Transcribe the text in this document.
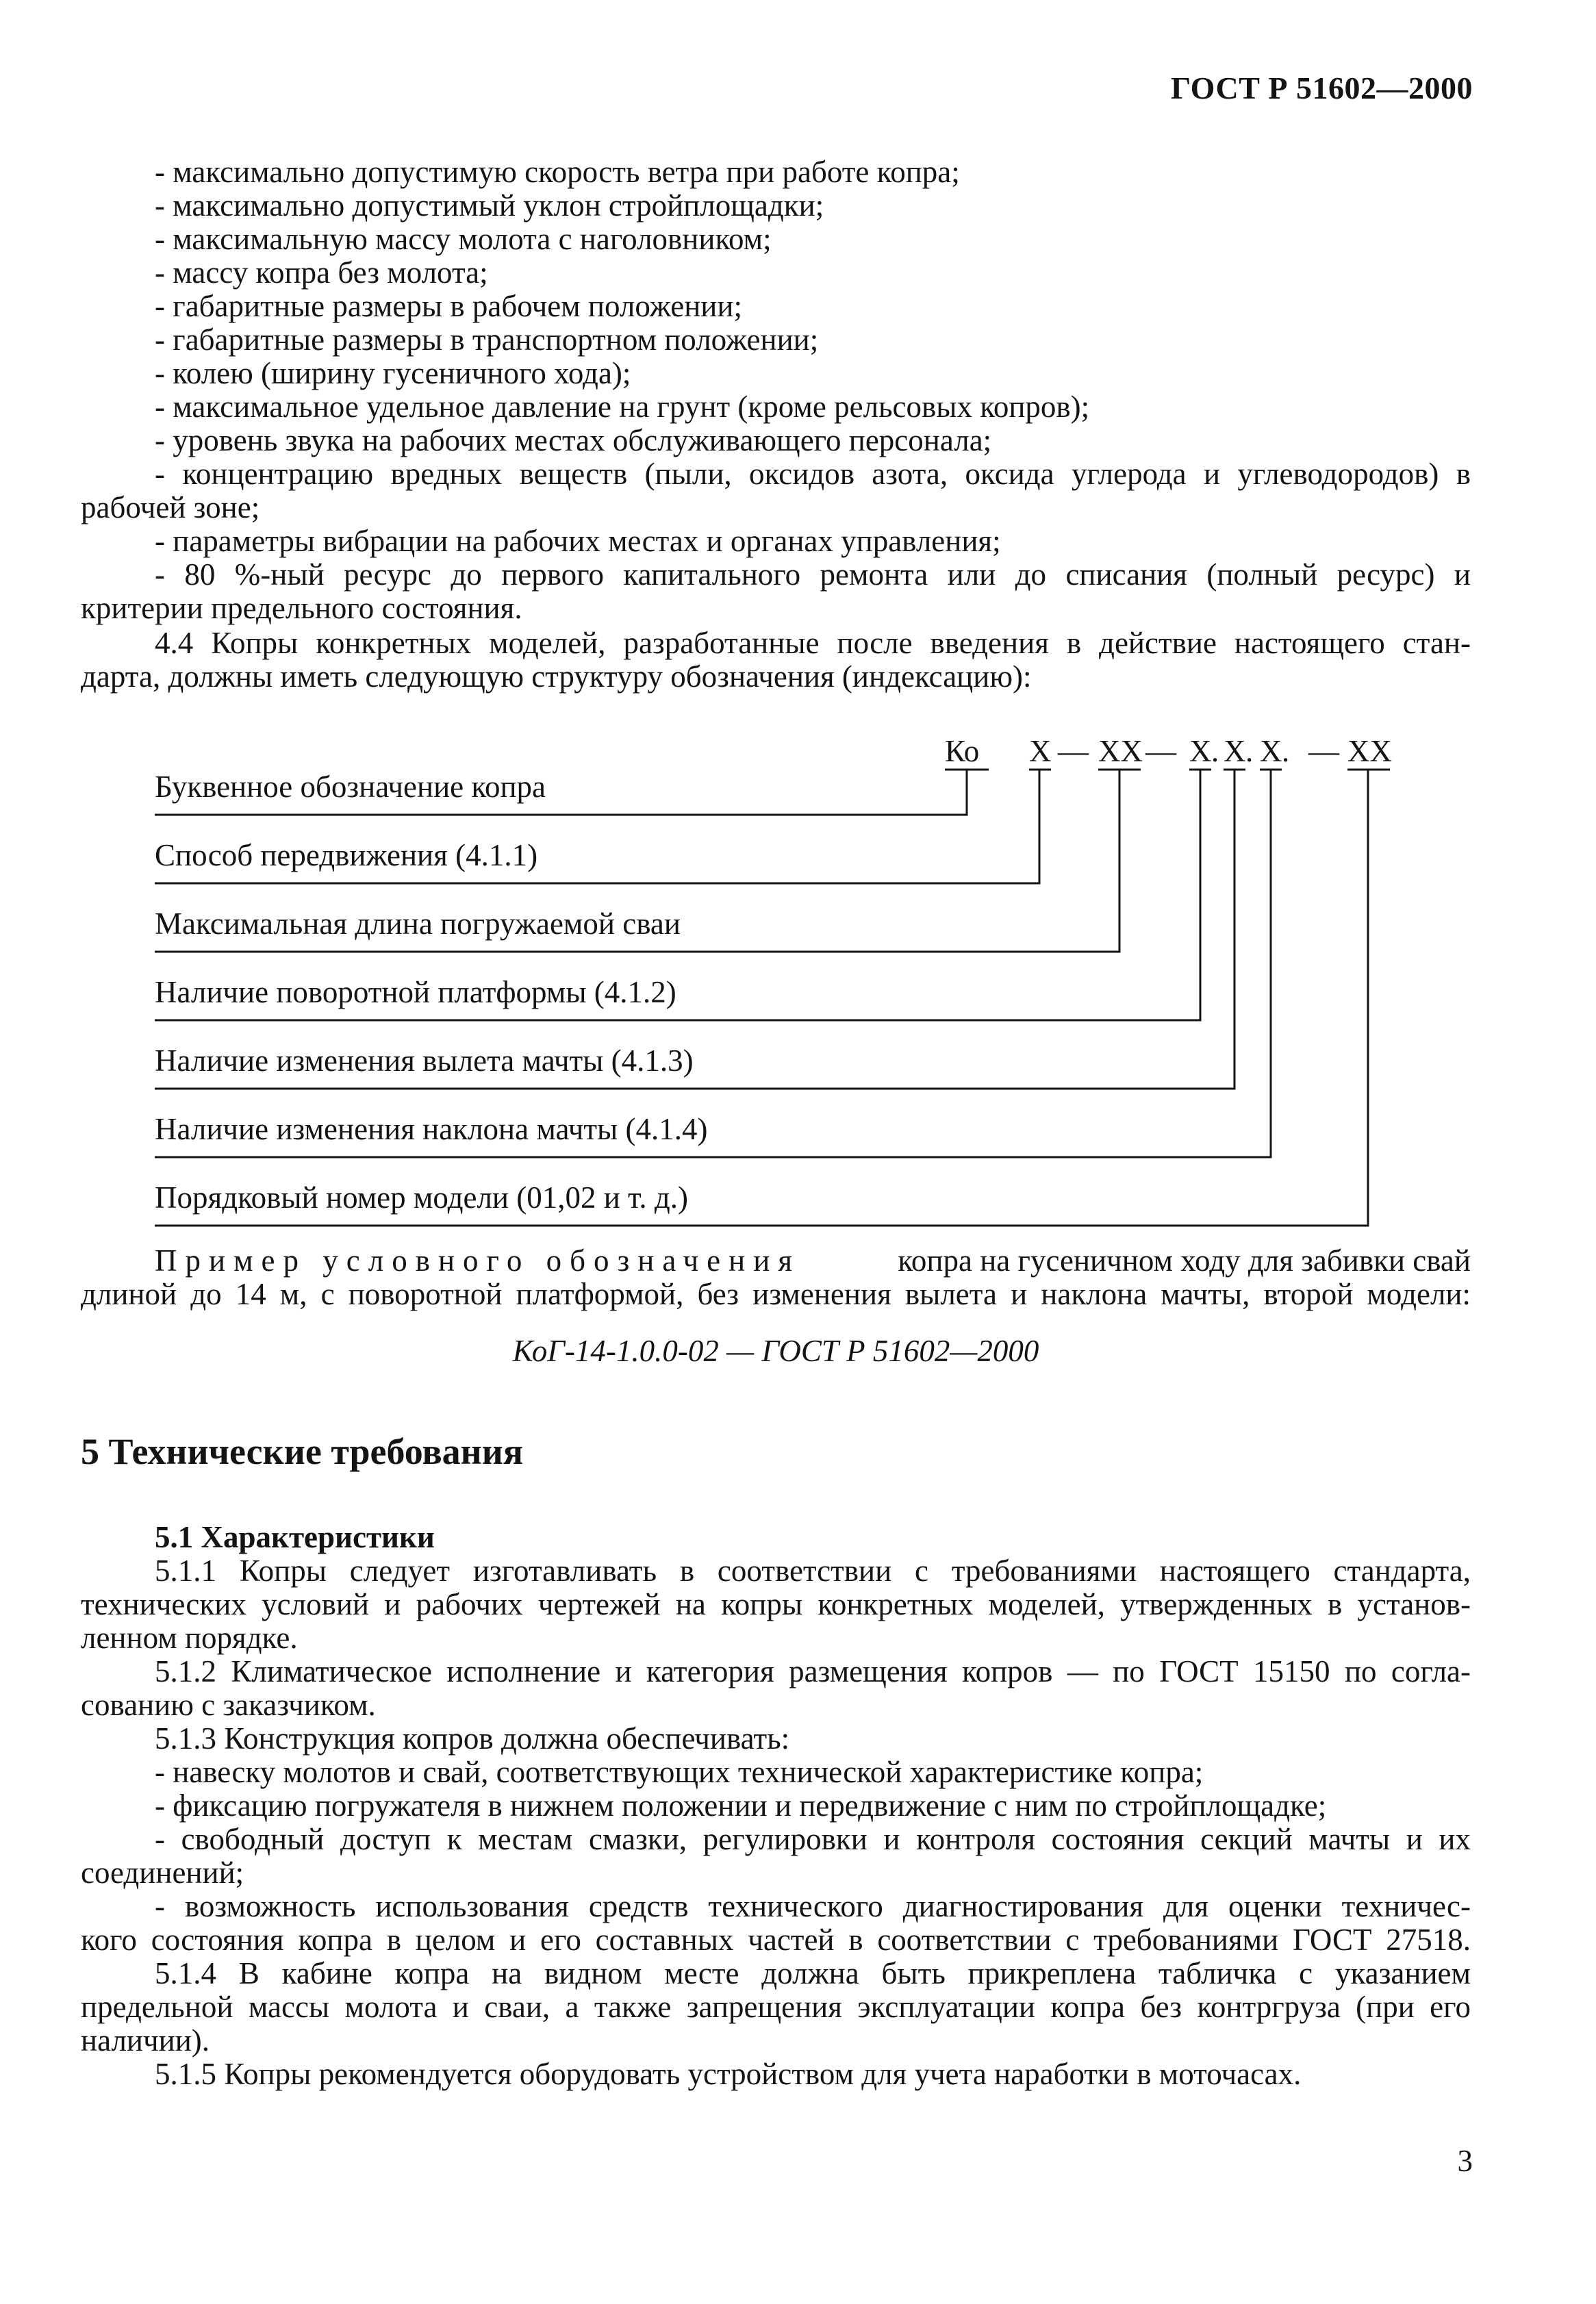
ГОСТ Р 51602—2000
- максимально допустимую скорость ветра при работе копра;
- максимально допустимый уклон стройплощадки;
- максимальную массу молота с наголовником;
- массу копра без молота;
- габаритные размеры в рабочем положении;
- габаритные размеры в транспортном положении;
- колею (ширину гусеничного хода);
- максимальное удельное давление на грунт (кроме рельсовых копров);
- уровень звука на рабочих местах обслуживающего персонала;
- концентрацию вредных веществ (пыли, оксидов азота, оксида углерода и углеводородов) в
рабочей зоне;
- параметры вибрации на рабочих местах и органах управления;
- 80 %-ный ресурс до первого капитального ремонта или до списания (полный ресурс) и
критерии предельного состояния.
4.4 Копры конкретных моделей, разработанные после введения в действие настоящего стан-
дарта, должны иметь следующую структуру обозначения (индексацию):
Ко Х — ХХ — Х . Х . Х . — ХХ
Буквенное обозначение копра
Способ передвижения (4.1.1)
Максимальная длина погружаемой сваи
Наличие поворотной платформы (4.1.2)
Наличие изменения вылета мачты (4.1.3)
Наличие изменения наклона мачты (4.1.4)
Порядковый номер модели (01,02 и т. д.)
Пример условного обозначения	копра на гусеничном ходу для забивки свай
длиной до 14 м, с поворотной платформой, без изменения вылета и наклона мачты, второй модели:
КоГ-14-1.0.0-02 — ГОСТ Р 51602—2000
5 Технические требования
5.1 Характеристики
5.1.1 Копры следует изготавливать в соответствии с требованиями настоящего стандарта,
технических условий и рабочих чертежей на копры конкретных моделей, утвержденных в установ-
ленном порядке.
5.1.2 Климатическое исполнение и категория размещения копров — по ГОСТ 15150 по согла-
сованию с заказчиком.
5.1.3 Конструкция копров должна обеспечивать:
- навеску молотов и свай, соответствующих технической характеристике копра;
- фиксацию погружателя в нижнем положении и передвижение с ним по стройплощадке;
- свободный доступ к местам смазки, регулировки и контроля состояния секций мачты и их
соединений;
- возможность использования средств технического диагностирования для оценки техничес-
кого состояния копра в целом и его составных частей в соответствии с требованиями ГОСТ 27518.
5.1.4 В кабине копра на видном месте должна быть прикреплена табличка с указанием
предельной массы молота и сваи, а также запрещения эксплуатации копра без контргруза (при его
наличии).
5.1.5 Копры рекомендуется оборудовать устройством для учета наработки в моточасах.
3
